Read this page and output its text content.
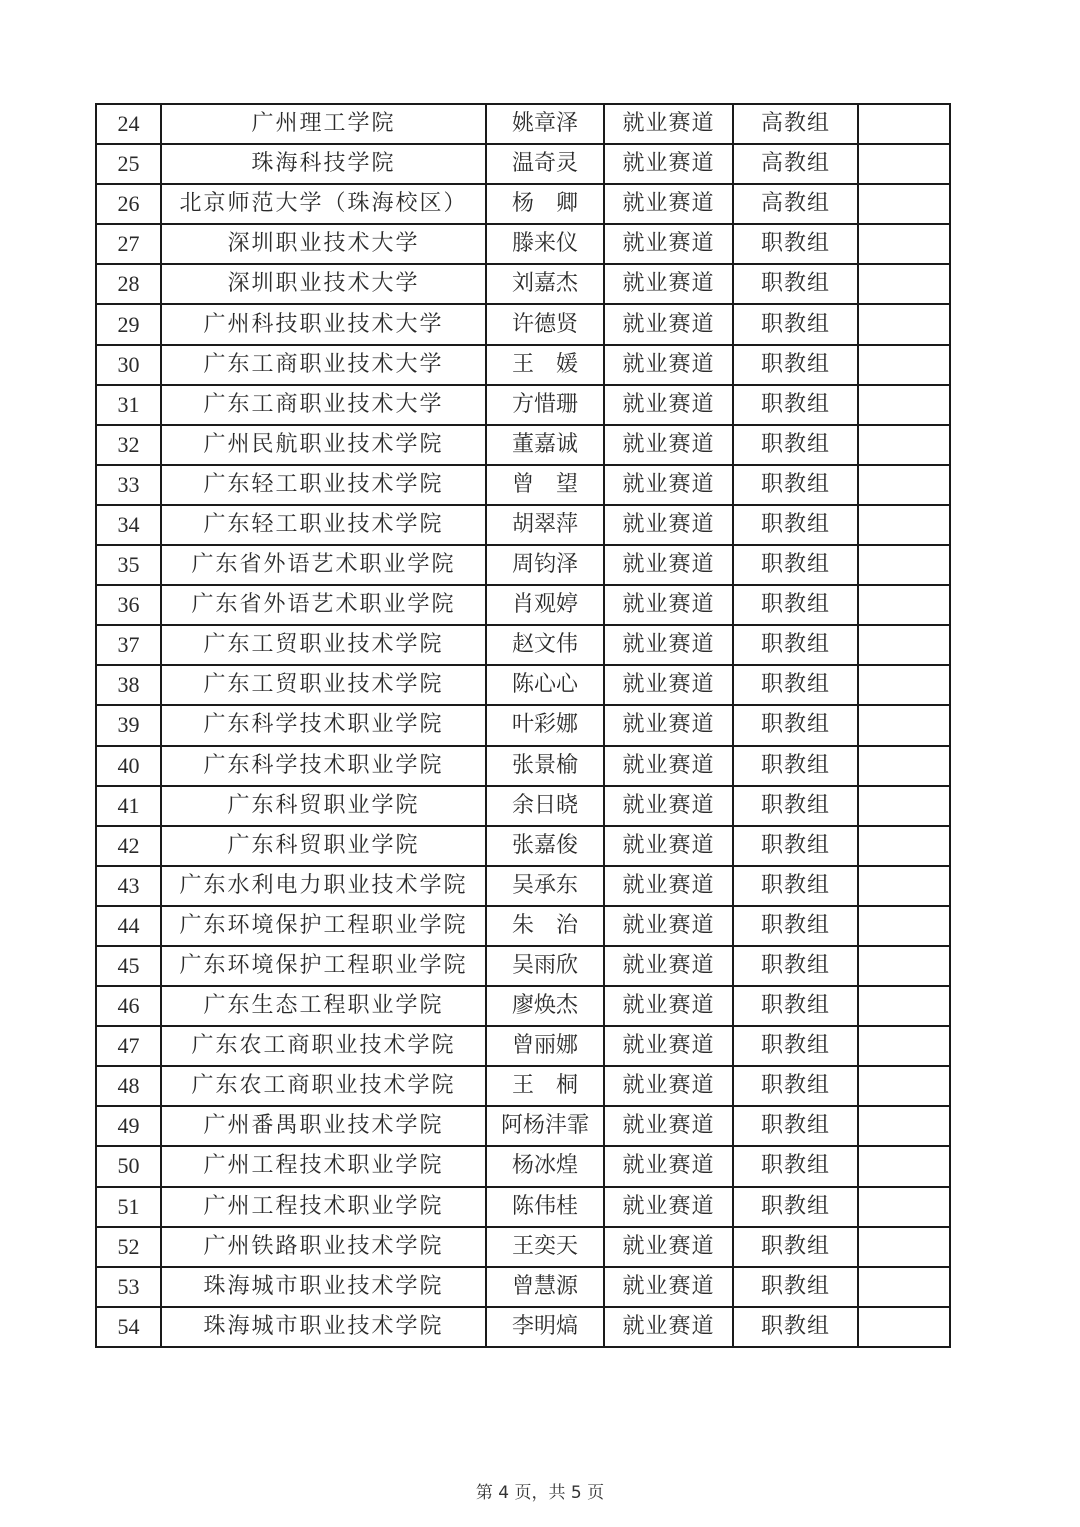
24	广州理工学院	姚章泽	就业赛道	高教组	
25	珠海科技学院	温奇灵	就业赛道	高教组	
26	北京师范大学（珠海校区）	杨　卿	就业赛道	高教组	
27	深圳职业技术大学	滕来仪	就业赛道	职教组	
28	深圳职业技术大学	刘嘉杰	就业赛道	职教组	
29	广州科技职业技术大学	许德贤	就业赛道	职教组	
30	广东工商职业技术大学	王　媛	就业赛道	职教组	
31	广东工商职业技术大学	方惜珊	就业赛道	职教组	
32	广州民航职业技术学院	董嘉诚	就业赛道	职教组	
33	广东轻工职业技术学院	曾　望	就业赛道	职教组	
34	广东轻工职业技术学院	胡翠萍	就业赛道	职教组	
35	广东省外语艺术职业学院	周钧泽	就业赛道	职教组	
36	广东省外语艺术职业学院	肖观婷	就业赛道	职教组	
37	广东工贸职业技术学院	赵文伟	就业赛道	职教组	
38	广东工贸职业技术学院	陈心心	就业赛道	职教组	
39	广东科学技术职业学院	叶彩娜	就业赛道	职教组	
40	广东科学技术职业学院	张景榆	就业赛道	职教组	
41	广东科贸职业学院	余日晓	就业赛道	职教组	
42	广东科贸职业学院	张嘉俊	就业赛道	职教组	
43	广东水利电力职业技术学院	吴承东	就业赛道	职教组	
44	广东环境保护工程职业学院	朱　治	就业赛道	职教组	
45	广东环境保护工程职业学院	吴雨欣	就业赛道	职教组	
46	广东生态工程职业学院	廖焕杰	就业赛道	职教组	
47	广东农工商职业技术学院	曾丽娜	就业赛道	职教组	
48	广东农工商职业技术学院	王　桐	就业赛道	职教组	
49	广州番禺职业技术学院	阿杨沣霏	就业赛道	职教组	
50	广州工程技术职业学院	杨冰煌	就业赛道	职教组	
51	广州工程技术职业学院	陈伟桂	就业赛道	职教组	
52	广州铁路职业技术学院	王奕天	就业赛道	职教组	
53	珠海城市职业技术学院	曾慧源	就业赛道	职教组	
54	珠海城市职业技术学院	李明熇	就业赛道	职教组	
第 4 页，共 5 页
